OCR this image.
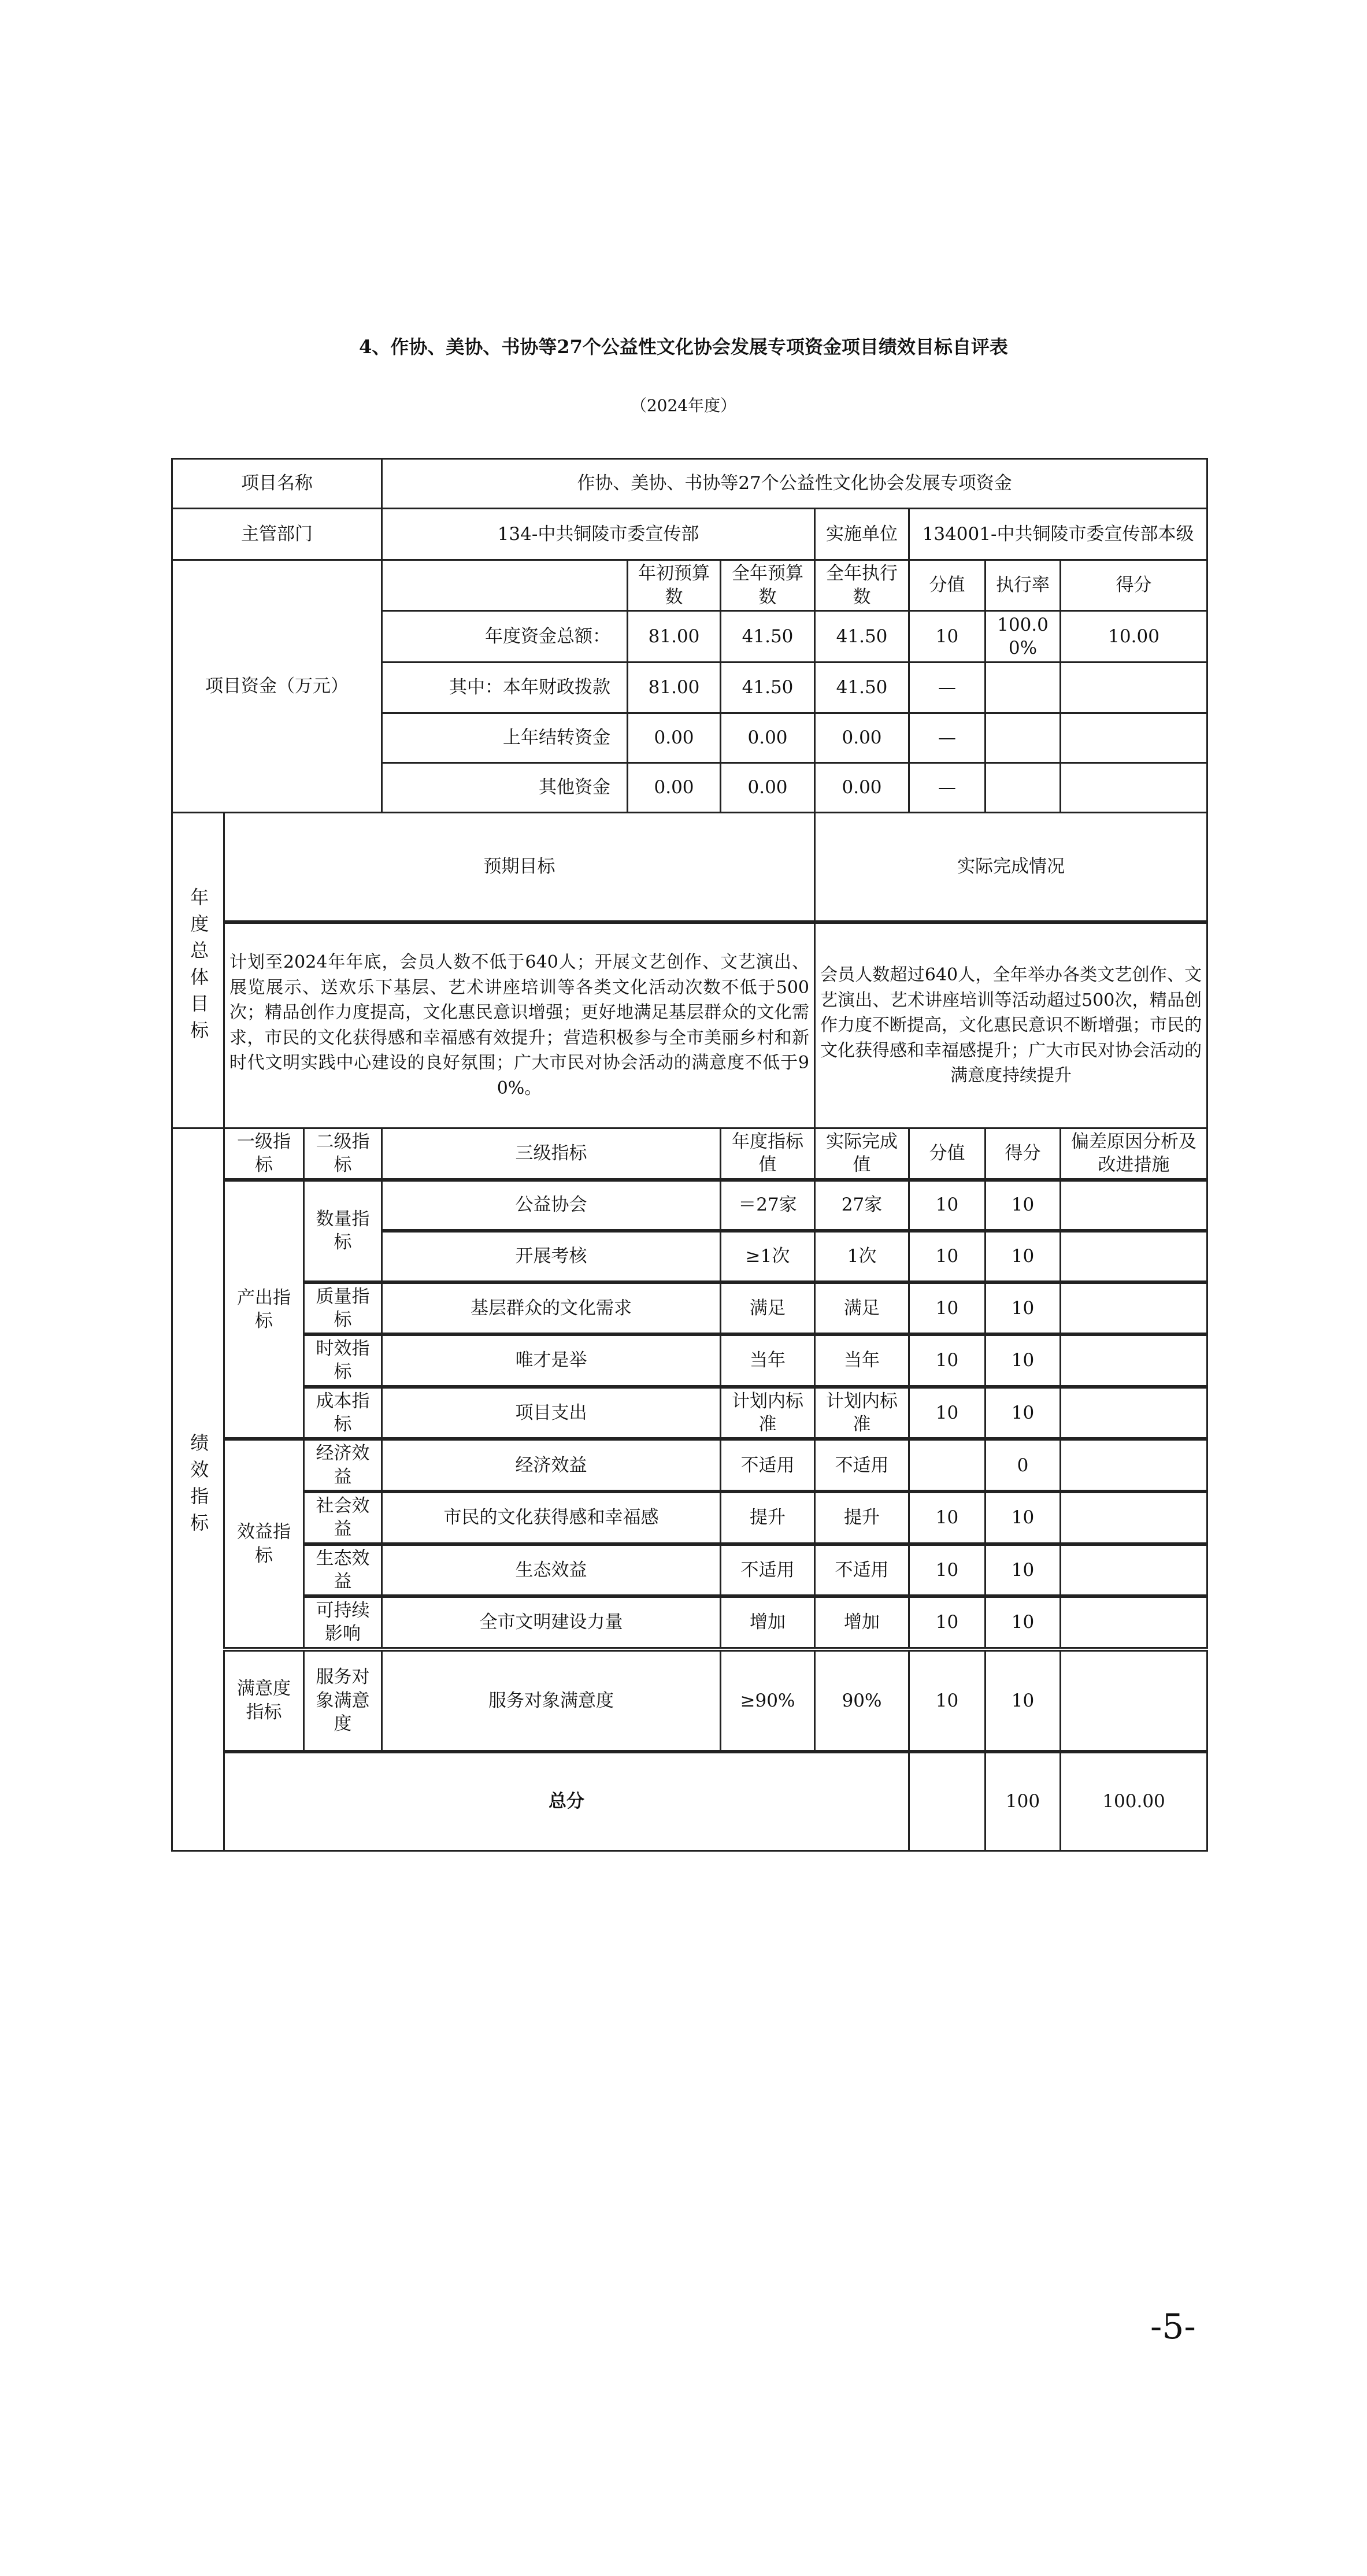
4、作协、美协、书协等27个公益性文化协会发展专项资金项目绩效目标自评表
（2024年度）
项目名称			作协、美协、书协等27个公益性文化协会发展专项资金							
主管部门			134-中共铜陵市委宣传部			实施单位	134001-中共铜陵市委宣传部本级			
项目资金（万元）				年初预算数	全年预算数	全年执行数	分值	执行率	得分	
			年度资金总额：	81.00	41.50	41.50	10	100.00%	10.00	
			其中：本年财政拨款	81.00	41.50	41.50	—			
			上年结转资金	0.00	0.00	0.00	—			
			其他资金	0.00	0.00	0.00	—			
年度总体目标	预期目标					实际完成情况				
	计划至2024年年底，会员人数不低于640人；开展文艺创作、文艺演出、展览展示、送欢乐下基层、艺术讲座培训等各类文化活动次数不低于500次；精品创作力度提高，文化惠民意识增强；更好地满足基层群众的文化需求，市民的文化获得感和幸福感有效提升；营造积极参与全市美丽乡村和新时代文明实践中心建设的良好氛围；广大市民对协会活动的满意度不低于90%。					会员人数超过640人，全年举办各类文艺创作、文艺演出、艺术讲座培训等活动超过500次，精品创作力度不断提高，文化惠民意识不断增强；市民的文化获得感和幸福感提升；广大市民对协会活动的满意度持续提升				
绩效指标	一级指标	二级指标	三级指标		年度指标值	实际完成值	分值	得分	偏差原因分析及改进措施	
	产出指标	数量指标	公益协会		＝27家	27家	10	10		
			开展考核		≥1次	1次	10	10		
		质量指标	基层群众的文化需求		满足	满足	10	10		
		时效指标	唯才是举		当年	当年	10	10		
		成本指标	项目支出		计划内标准	计划内标准	10	10		
	效益指标	经济效益	经济效益		不适用	不适用		0		
		社会效益	市民的文化获得感和幸福感		提升	提升	10	10		
		生态效益	生态效益		不适用	不适用	10	10		
		可持续影响	全市文明建设力量		增加	增加	10	10		
	满意度指标	服务对象满意度	服务对象满意度		≥90%	90%	10	10		
	总分							100	100.00	
-5-
